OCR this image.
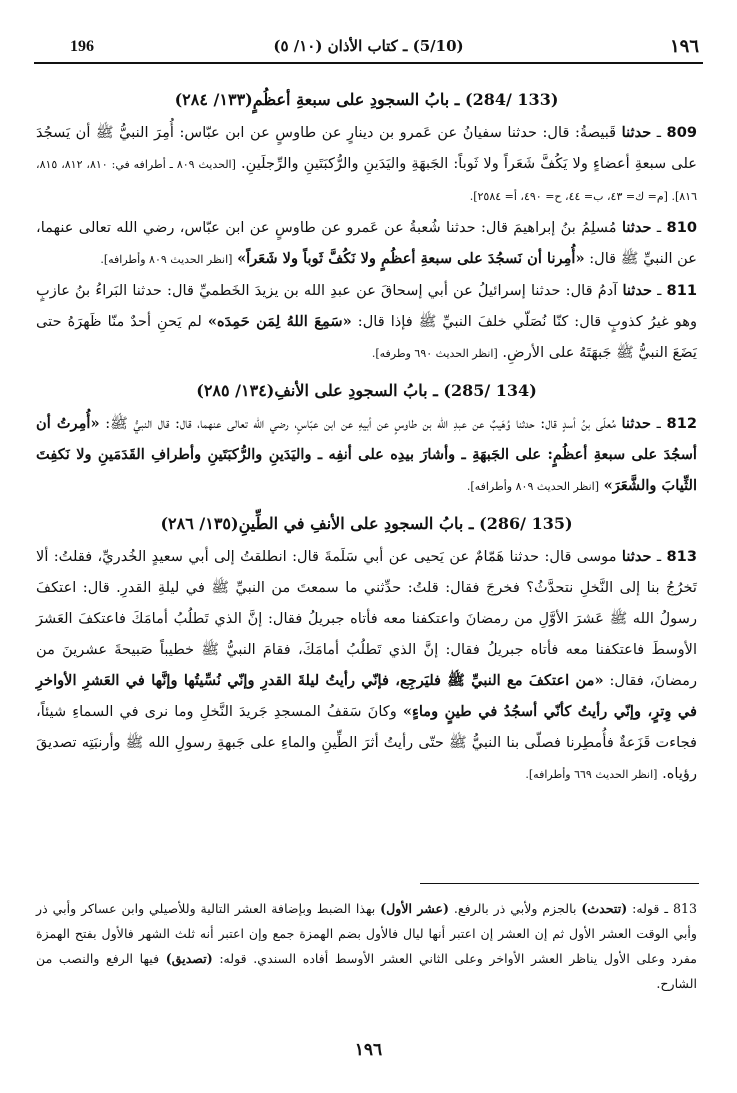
196	(5/10) ـ كتاب الأذان (١٠/ ٥)	١٩٦
(133 /284) ـ بابُ السجودِ على سبعةِ أعظُمٍ(١٣٣/ ٢٨٤)

809 ـ حدثنا قَبيصةُ: قال: حدثنا سفيانُ عن عَمرو بن دينارٍ عن طاوسٍ عن ابن عبّاس: أُمِرَ النبيُّ ﷺ أن يَسجُدَ على سبعةِ أعضاءٍ ولا يَكُفَّ شَعَراً ولا ثَوباً: الجَبهَةِ واليَدَينِ والرُّكبَتَينِ والرِّجلَينِ. [الحديث ٨٠٩ ـ أطرافه في: ٨١٠، ٨١٢، ٨١٥، ٨١٦]. [م= ك= ٤٣، ب= ٤٤، ح= ٤٩٠، أ= ٢٥٨٤].

810 ـ حدثنا مُسلِمُ بنُ إبراهيمَ قال: حدثنا شُعبةُ عن عَمرو عن طاوسٍ عن ابن عبّاس، رضي الله تعالى عنهما، عن النبيِّ ﷺ قال: «أُمِرنا أن نَسجُدَ على سبعةِ أعظُمٍ ولا نَكُفَّ ثَوباً ولا شَعَراً» [انظر الحديث ٨٠٩ وأطرافه].

811 ـ حدثنا آدمُ قال: حدثنا إسرائيلُ عن أبي إسحاقَ عن عبدِ الله بن يزيدَ الخَطميِّ قال: حدثنا البَراءُ بنُ عازبٍ وهو غيرُ كذوبٍ قال: كنّا نُصَلّي خلفَ النبيِّ ﷺ فإذا قال: «سَمِعَ اللهُ لِمَن حَمِدَه» لم يَحنِ أحدٌ منّا ظَهرَهُ حتى يَضَعَ النبيُّ ﷺ جَبهَتَهُ على الأرضِ. [انظر الحديث ٦٩٠ وطرفه].

(134 /285) ـ بابُ السجودِ على الأنفِ(١٣٤/ ٢٨٥)

812 ـ حدثنا مُعلّى بنُ أسدٍ قال: حدثنا وُهَيبٌ عن عبدِ الله بن طاوسٍ عن أبيهِ عن ابن عبّاسٍ، رضي الله تعالى عنهما، قال: قال النبيُّ ﷺ: «أُمِرتُ أن أسجُدَ على سبعةِ أعظُمٍ: على الجَبهَةِ ـ وأشارَ بيدِه على أنفِه ـ واليَدَينِ والرُّكبَتَينِ وأطرافِ القَدَمَينِ ولا نَكفِتَ الثِّيابَ والشَّعَرَ» [انظر الحديث ٨٠٩ وأطرافه].

(135 /286) ـ بابُ السجودِ على الأنفِ في الطِّينِ(١٣٥/ ٢٨٦)

813 ـ حدثنا موسى قال: حدثنا هَمّامٌ عن يَحيى عن أبي سَلَمةَ قال: انطلقتُ إلى أبي سعيدٍ الخُدريِّ، فقلتُ: ألا تَخرُجُ بنا إلى النَّخلِ نتحدَّثُ؟ فخرجَ فقال: قلتُ: حدِّثني ما سمعتَ من النبيِّ ﷺ في ليلةِ القدرِ. قال: اعتكفَ رسولُ الله ﷺ عَشرَ الأوَّلِ من رمضانَ واعتكفنا معه فأتاه جبريلُ فقال: إنَّ الذي تَطلُبُ أمامَكَ فاعتكفَ العَشرَ الأوسطَ فاعتكفنا معه فأتاه جبريلُ فقال: إنَّ الذي تَطلُبُ أمامَكَ، فقامَ النبيُّ ﷺ خطيباً صَبيحةَ عشرينَ من رمضانَ، فقال: «من اعتكفَ مع النبيِّ ﷺ فليَرجِع، فإنّي رأيتُ ليلةَ القدرِ وإنّي نُسِّيتُها وإنَّها في العَشرِ الأواخرِ في وِترٍ، وإنّي رأيتُ كأنّي أسجُدُ في طينٍ وماءٍ» وكانَ سَقفُ المسجدِ جَريدَ النَّخلِ وما نرى في السماءِ شيئاً، فجاءت قَزَعةٌ فأُمطِرنا فصلّى بنا النبيُّ ﷺ حتّى رأيتُ أثرَ الطِّينِ والماءِ على جَبهةِ رسولِ الله ﷺ وأرنبَتِه تصديقَ رؤياه. [انظر الحديث ٦٦٩ وأطرافه].

813 ـ قوله: (تتحدث) بالجزم ولأبي ذر بالرفع. (عشر الأول) بهذا الضبط وبإضافة العشر التالية وللأصيلي وابن عساكر وأبي ذر وأبي الوقت العشر الأول ثم إن العشر إن اعتبر أنها ليال فالأول بضم الهمزة جمع وإن اعتبر أنه ثلث الشهر فالأول بفتح الهمزة مفرد وعلى الأول يناظر العشر الأواخر وعلى الثاني العشر الأوسط أفاده السندي. قوله: (تصديق) فيها الرفع والنصب من الشارح.
١٩٦
